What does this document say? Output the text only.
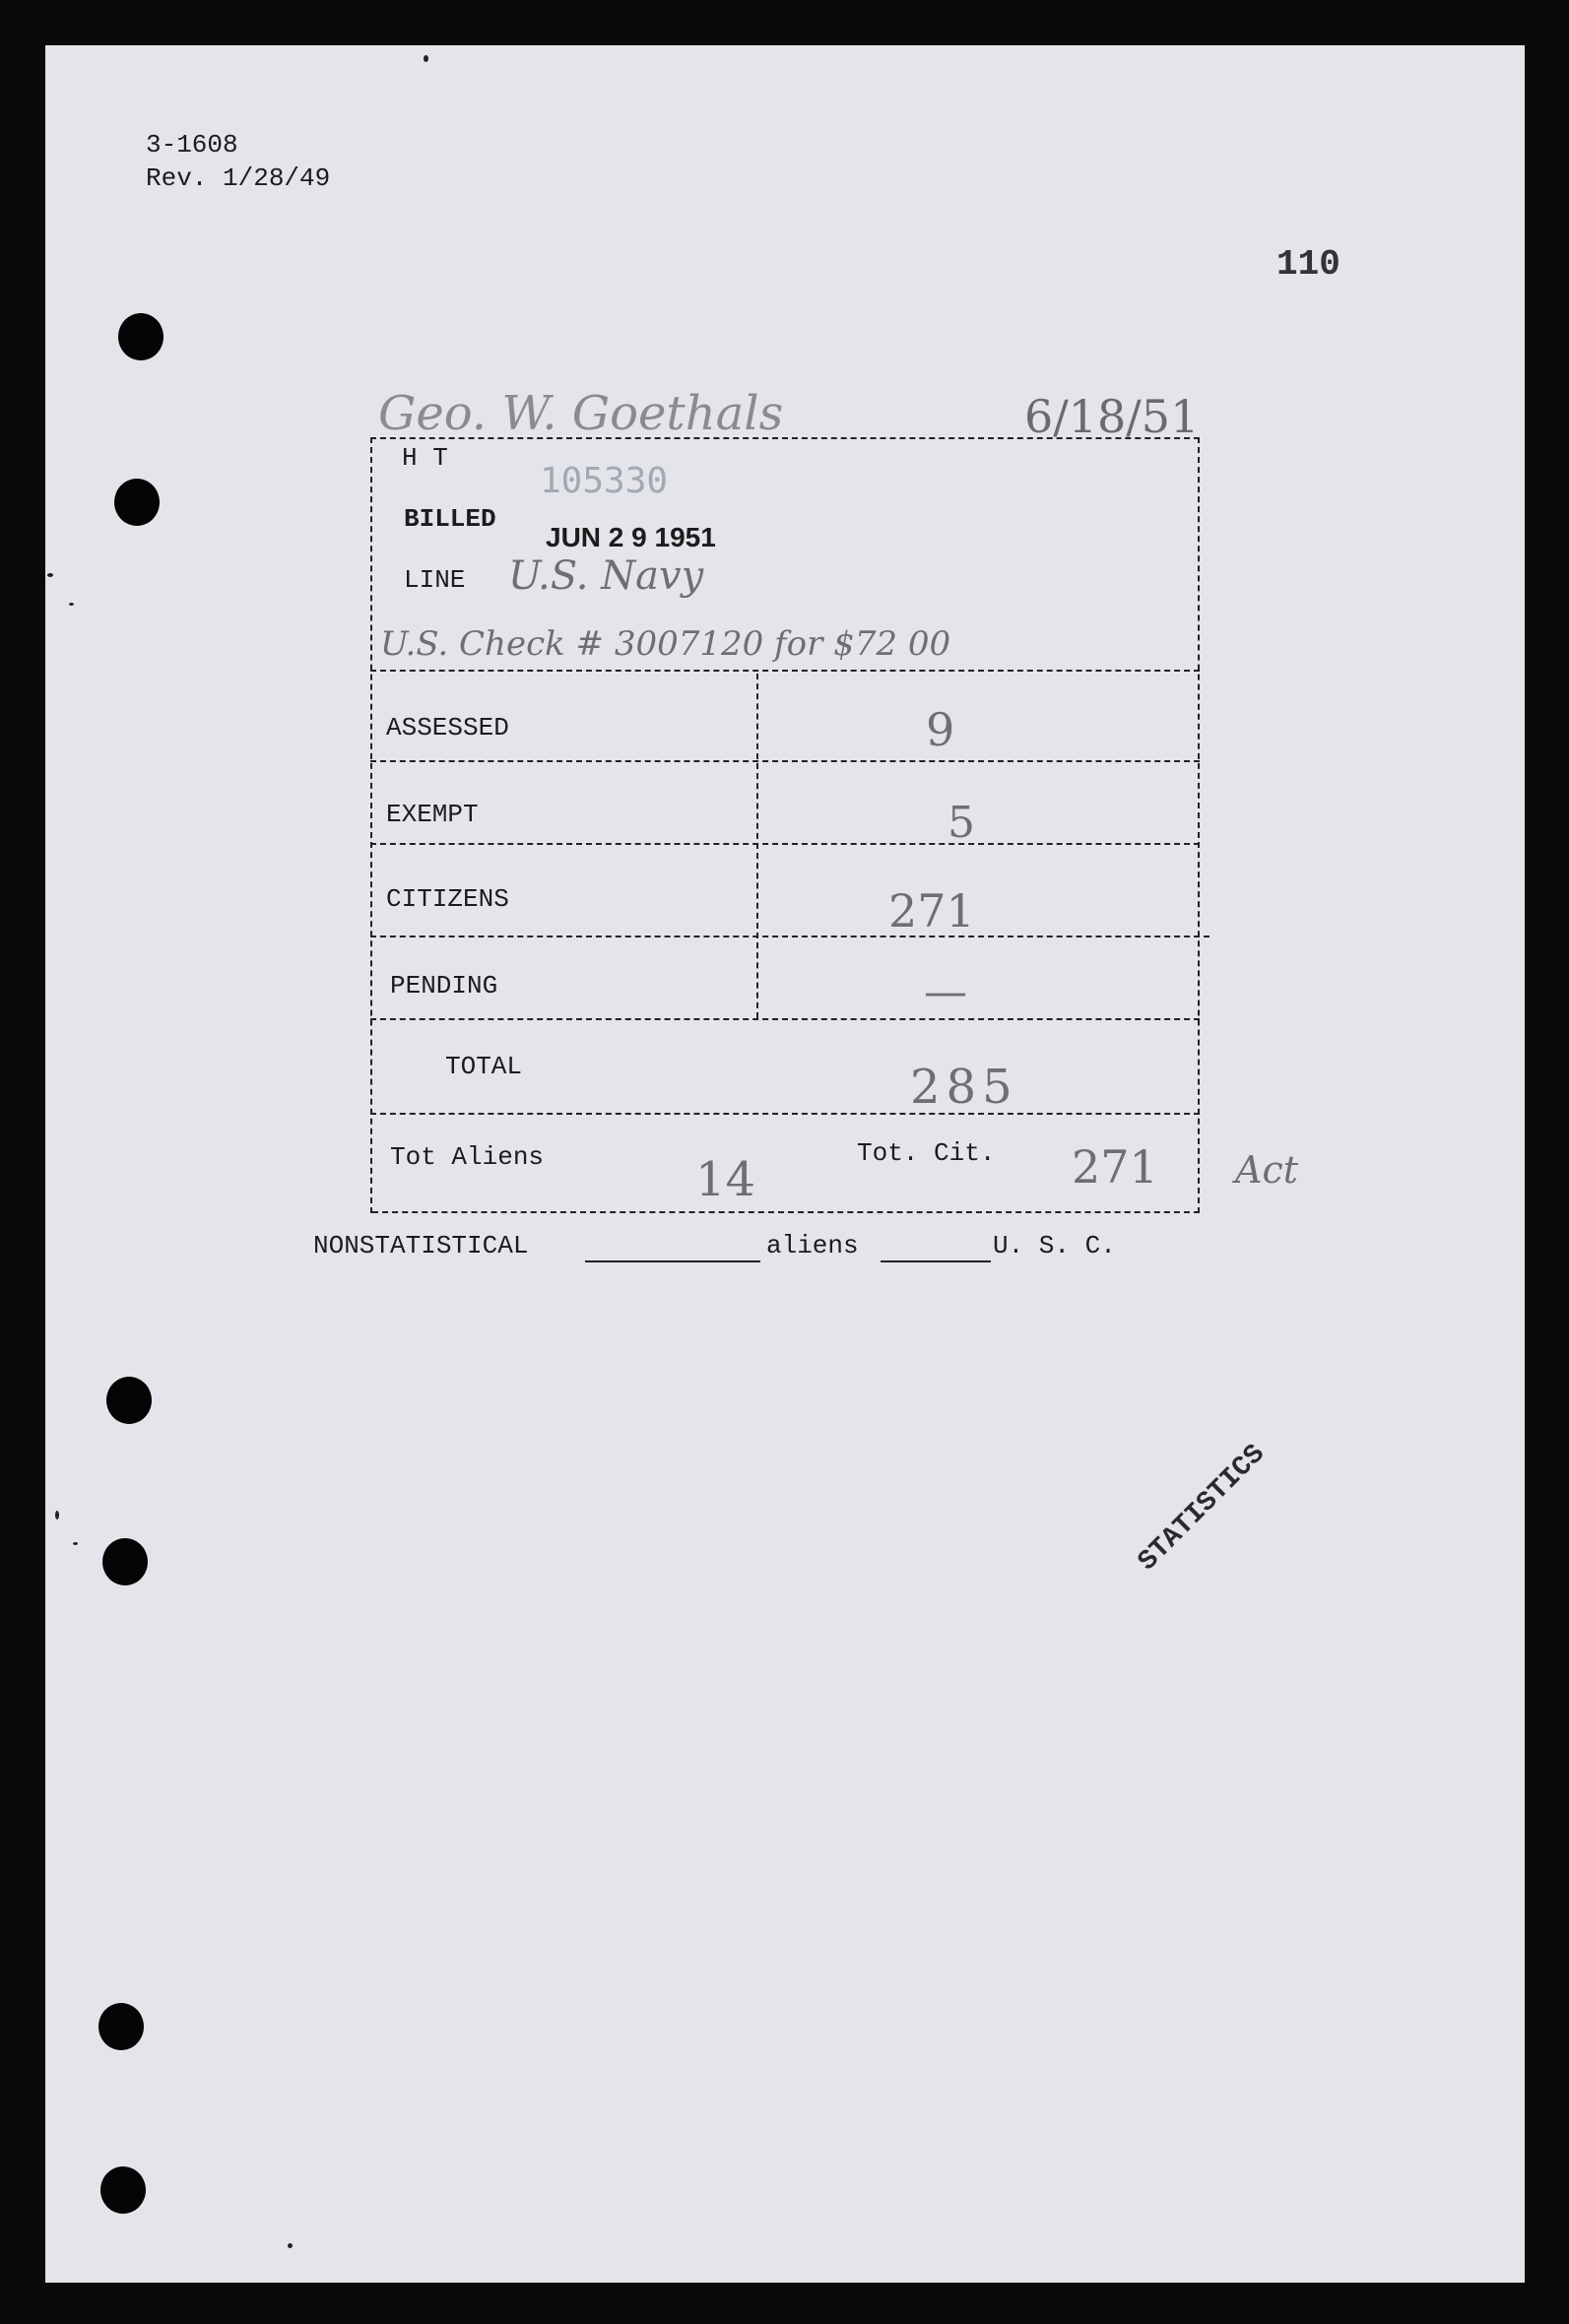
3-1608
Rev. 1/28/49
110
Geo. W. Goethals	6/18/51
H T
105330
BILLED
JUN 2 9 1951
LINE U.S. Navy
U.S. Check # 3007120 for $72 00
ASSESSED	9
EXEMPT	5
CITIZENS	271
PENDING	—
TOTAL	285
Tot Aliens	14	Tot. Cit. 271 Act
NONSTATISTICAL	aliens	U. S. C.
STATISTICS
